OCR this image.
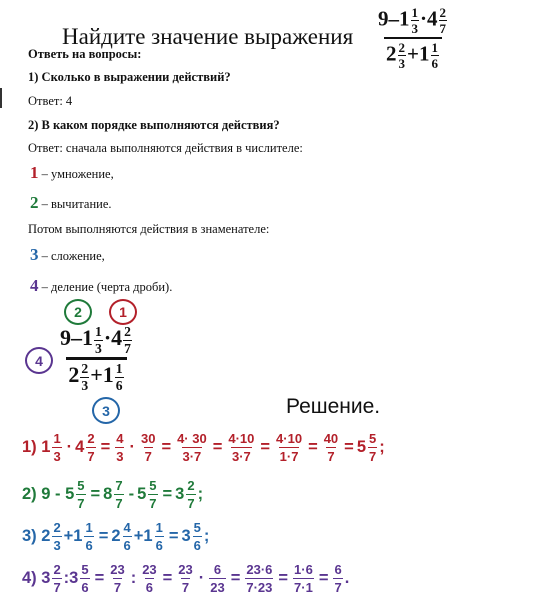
Найдите значение выражения $\frac{9-1 \frac{1}{3} \cdot 4 \frac{2}{7}}{2 \frac{2}{3} +1 \frac{1}{6}}$
Ответь на вопросы:
1) Сколько в выражении действий?
Ответ: 4
2) В каком порядке выполняются действия?
Ответ: сначала выполняются действия в числителе:
1 – умножение,
2 – вычитание.
Потом выполняются действия в знаменателе:
3 – сложение,
4 – деление (черта дроби).
2	1
4
3
$\frac{9-1 \frac{1}{3} \cdot 4 \frac{2}{7}}{2 \frac{2}{3} +1 \frac{1}{6}}$
Решение.
1) 1 1
3
· $4 \frac{2}{7} = \frac{4}{3} \cdot \frac{30}{7} = \frac{4\cdot 30}{3\cdot 7} = \frac{4\cdot 10}{3\cdot 7} = \frac{4\cdot 10}{1\cdot 7} = \frac{40}{7} = 5 \frac{5}{7}$ ;
2) $9 - 5 \frac{5}{7} = 8 \frac{7}{7} - 5 \frac{5}{7} = 3 \frac{2}{7}$ ;
3) 2 2
3
$+1 \frac{1}{6} = 2 \frac{4}{6} +1 \frac{1}{6} = 3 \frac{5}{6}$ ;
4) 3 2
7
:3 $\frac{5}{6} = \frac{23}{7}$ : $\frac{23}{6} = \frac{23}{7} \cdot \frac{6}{23} = \frac{23\cdot 6}{7\cdot 23} = \frac{1\cdot 6}{7\cdot 1} = \frac{6}{7}$ .
